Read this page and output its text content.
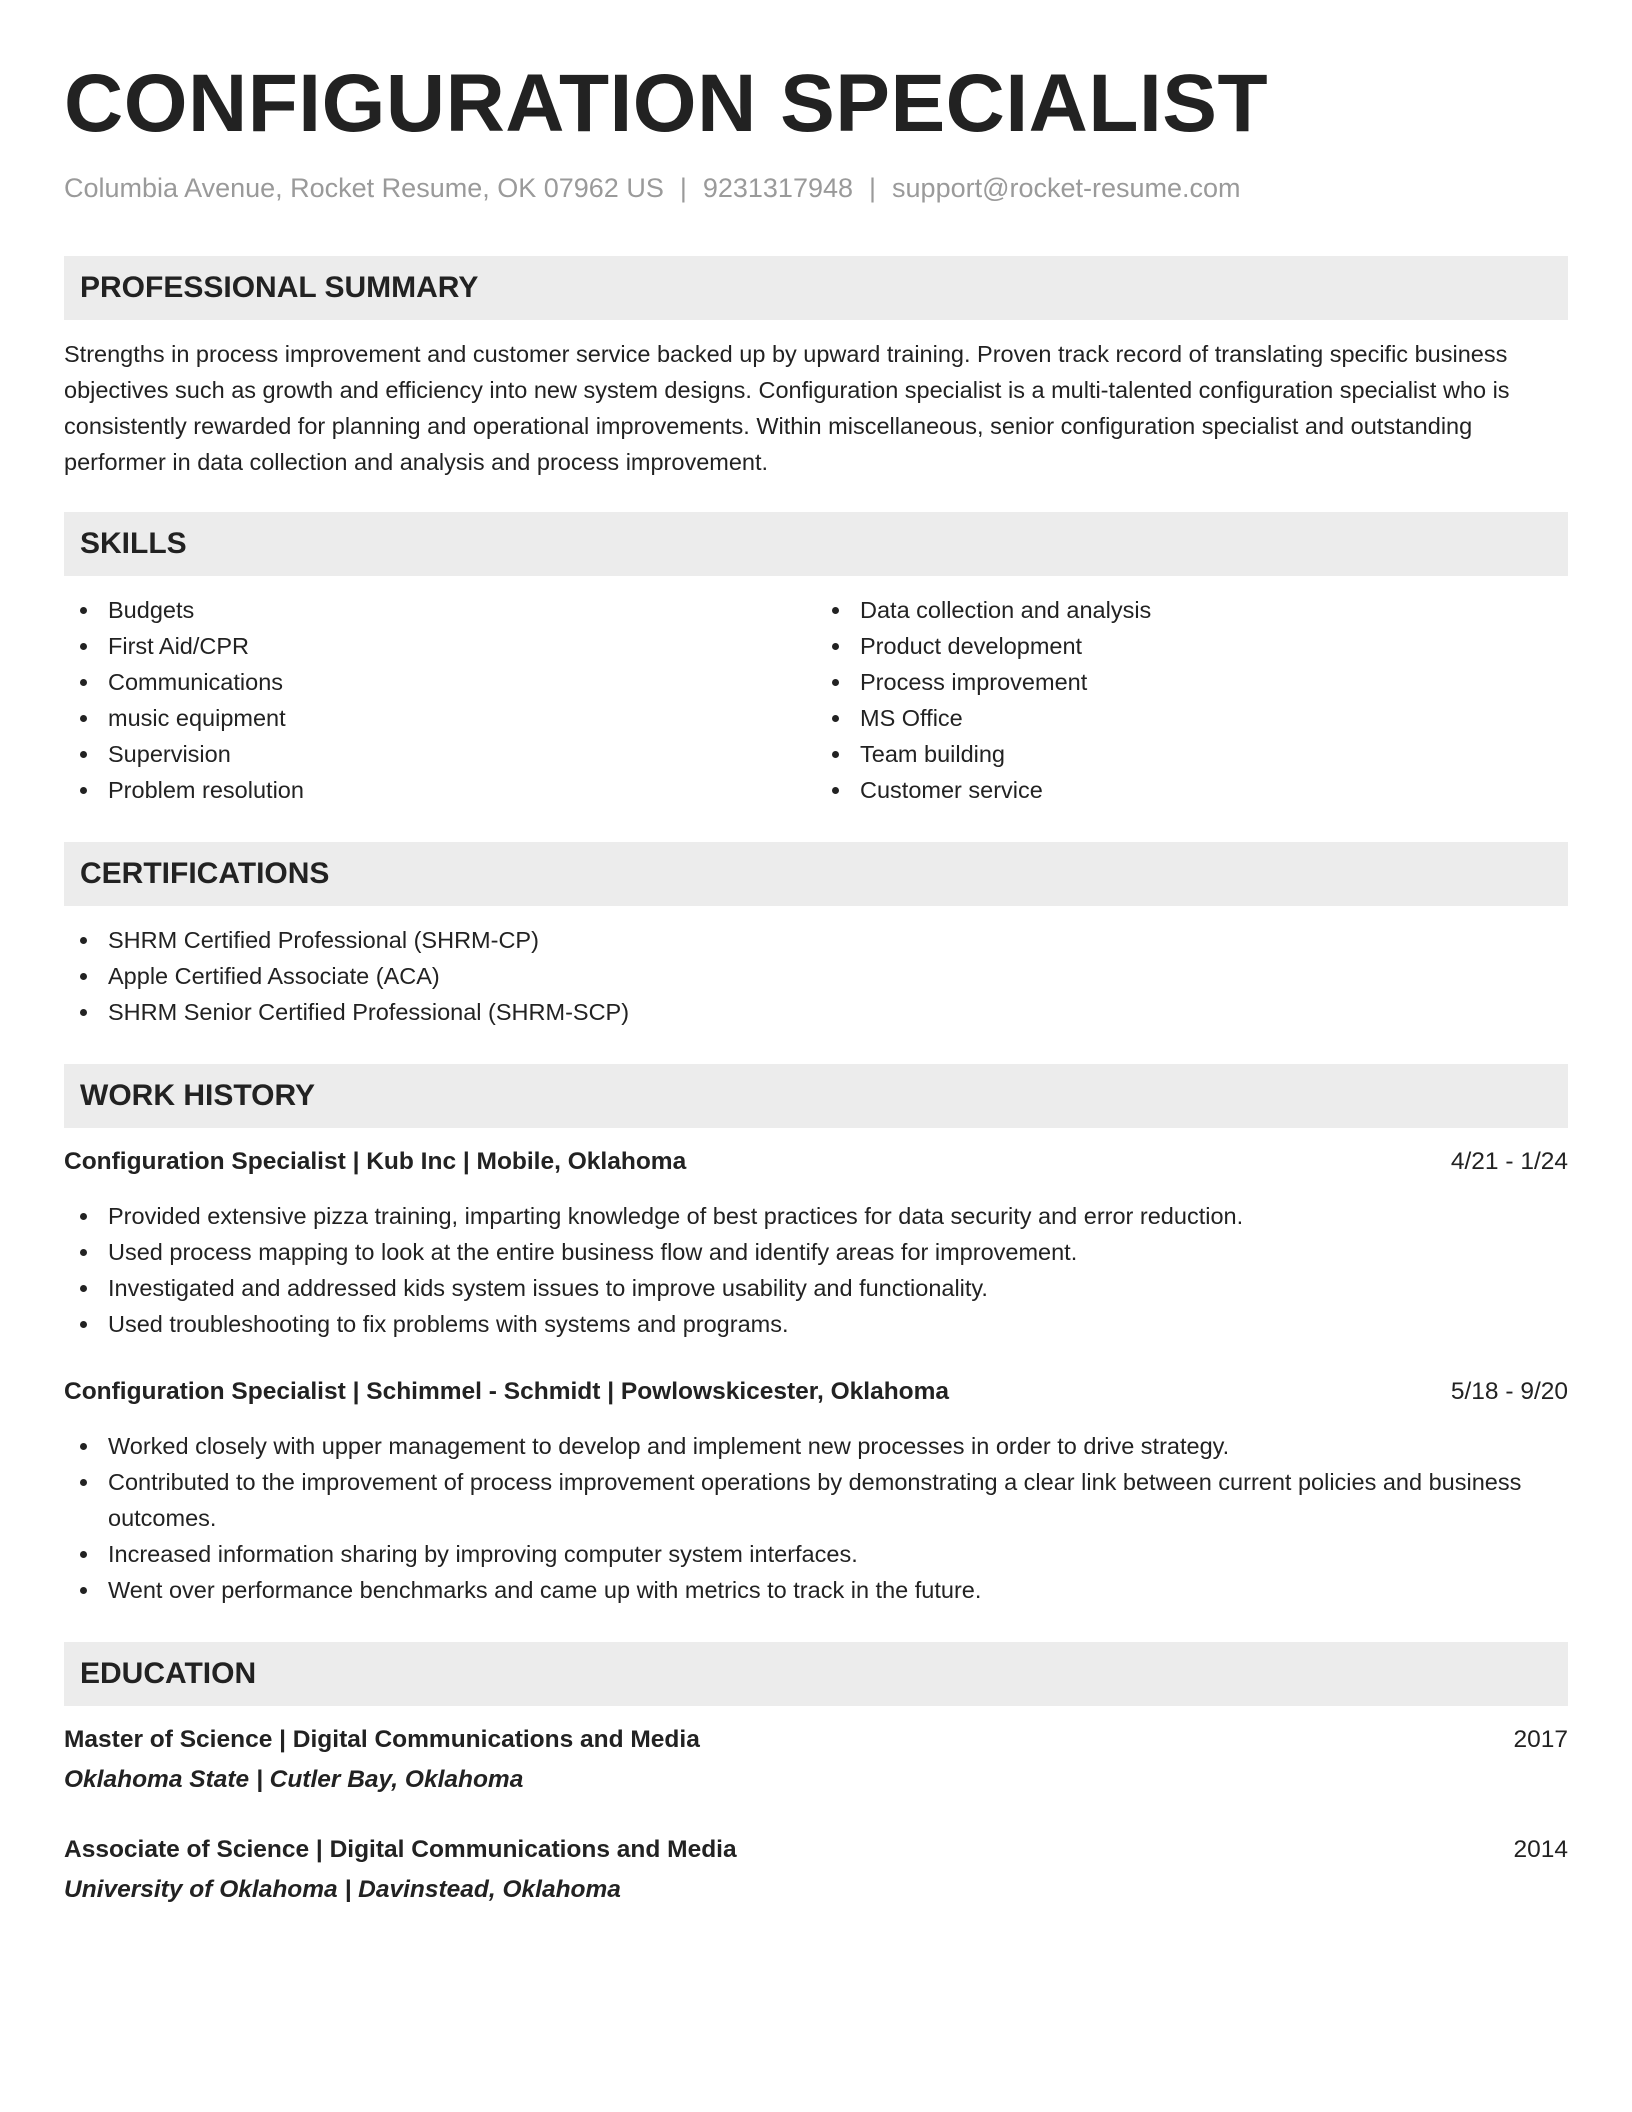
CONFIGURATION SPECIALIST
Columbia Avenue, Rocket Resume, OK 07962 US | 9231317948 | support@rocket-resume.com
PROFESSIONAL SUMMARY

Strengths in process improvement and customer service backed up by upward training. Proven track record of translating specific business objectives such as growth and efficiency into new system designs. Configuration specialist is a multi-talented configuration specialist who is consistently rewarded for planning and operational improvements. Within miscellaneous, senior configuration specialist and outstanding performer in data collection and analysis and process improvement.

SKILLS
Budgets
First Aid/CPR
Communications
music equipment
Supervision
Problem resolution
Data collection and analysis
Product development
Process improvement
MS Office
Team building
Customer service
CERTIFICATIONS
SHRM Certified Professional (SHRM-CP)
Apple Certified Associate (ACA)
SHRM Senior Certified Professional (SHRM-SCP)
WORK HISTORY
Configuration Specialist | Kub Inc | Mobile, Oklahoma	4/21 - 1/24
Provided extensive pizza training, imparting knowledge of best practices for data security and error reduction.
Used process mapping to look at the entire business flow and identify areas for improvement.
Investigated and addressed kids system issues to improve usability and functionality.
Used troubleshooting to fix problems with systems and programs.
Configuration Specialist | Schimmel - Schmidt | Powlowskicester, Oklahoma	5/18 - 9/20
Worked closely with upper management to develop and implement new processes in order to drive strategy.
Contributed to the improvement of process improvement operations by demonstrating a clear link between current policies and business outcomes.
Increased information sharing by improving computer system interfaces.
Went over performance benchmarks and came up with metrics to track in the future.
EDUCATION
Master of Science | Digital Communications and Media	2017
Oklahoma State | Cutler Bay, Oklahoma
Associate of Science | Digital Communications and Media	2014
University of Oklahoma | Davinstead, Oklahoma
